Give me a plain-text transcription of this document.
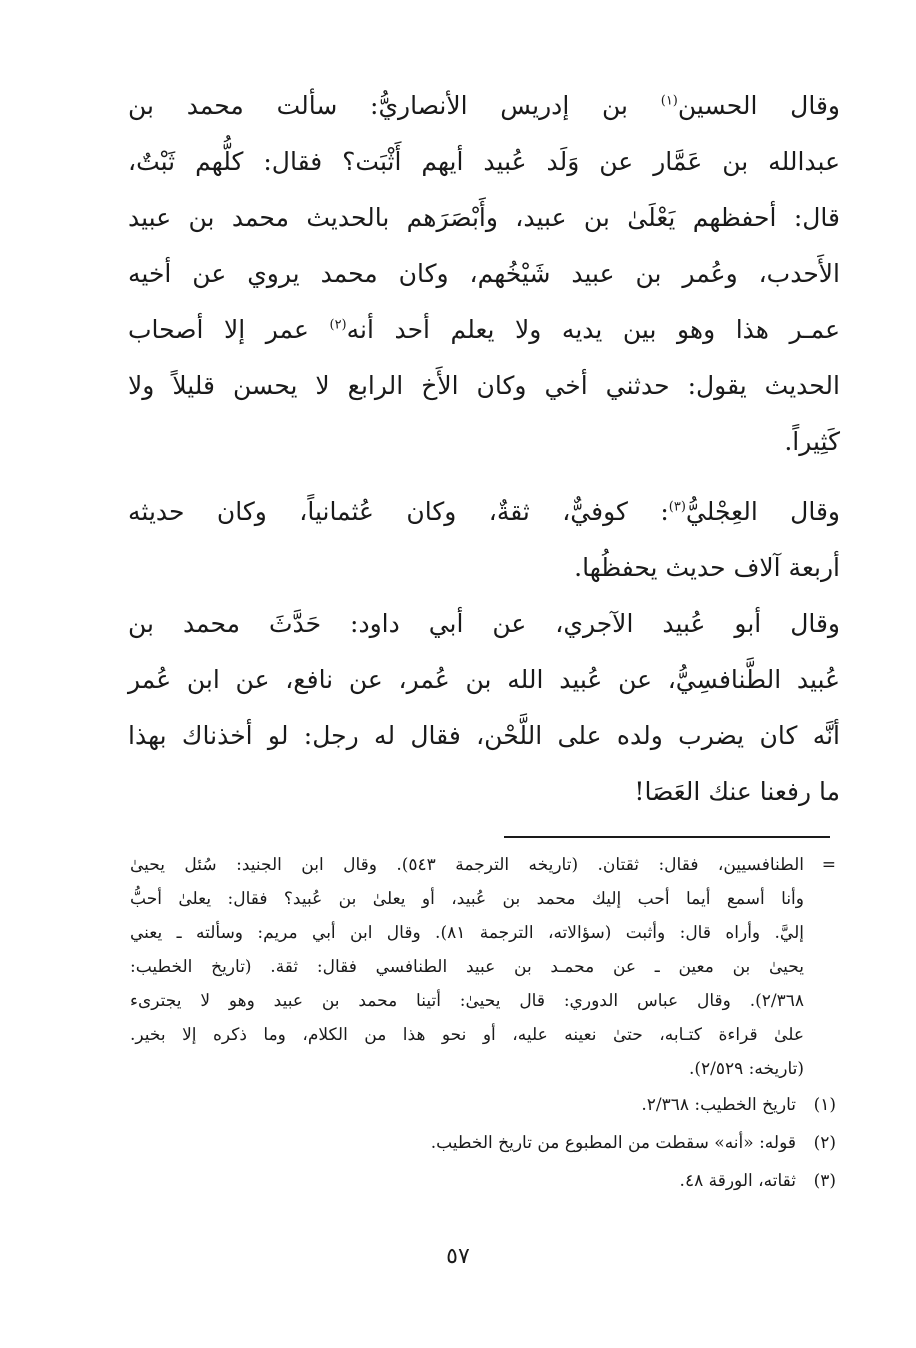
وقال الحسين$^{(١)}$ بن إدريس الأنصاريُّ: سألت محمد بن
عبدالله بن عَمَّار عن وَلَد عُبيد أيهم أَثْبَت؟ فقال: كلُّهم ثَبْتٌ،
قال: أحفظهم يَعْلَىٰ بن عبيد، وأَبْصَرَهم بالحديث محمد بن عبيد
الأَحدب، وعُمر بن عبيد شَيْخُهم، وكان محمد يروي عن أخيه
عمـر هذا وهو بين يديه ولا يعلم أحد أنه$^{(٢)}$ عمر إلا أصحاب
الحديث يقول: حدثني أخي وكان الأَخ الرابع لا يحسن قليلاً ولا
كَثِيراً.

وقال العِجْليُّ$^{(٣)}$: كوفيٌّ، ثقةٌ، وكان عُثمانياً، وكان حديثه
أربعة آلاف حديث يحفظُها.

وقال أبو عُبيد الآجري، عن أبي داود: حَدَّثَ محمد بن
عُبيد الطَّنافسِيُّ، عن عُبيد الله بن عُمر، عن نافع، عن ابن عُمر
أنَّه كان يضرب ولده على اللَّحْن، فقال له رجل: لو أخذناك بهذا
ما رفعنا عنك العَصَا!

=
الطنافسيين، فقال: ثقتان. (تاريخه الترجمة ٥٤٣). وقال ابن الجنيد: سُئل يحيىٰ
وأنا أسمع أيما أحب إليك محمد بن عُبيد، أو يعلىٰ بن عُبيد؟ فقال: يعلىٰ أحبُّ
إليَّ. وأراه قال: وأثبت (سؤالاته، الترجمة ٨١). وقال ابن أبي مريم: وسألته ـ يعني
يحيىٰ بن معين ـ عن محمـد بن عبيد الطنافسي فقال: ثقة. (تاريخ الخطيب:
٢/٣٦٨). وقال عباس الدوري: قال يحيىٰ: أتينا محمد بن عبيد وهو لا يجترىء
علىٰ قراءة كتـابه، حتىٰ نعينه عليه، أو نحو هذا من الكلام، وما ذكره إلا بخير.
(تاريخه: ٢/٥٢٩).
(١)
تاريخ الخطيب: ٢/٣٦٨.
(٢)
قوله: «أنه» سقطت من المطبوع من تاريخ الخطيب.
(٣)
ثقاته، الورقة ٤٨.
٥٧
